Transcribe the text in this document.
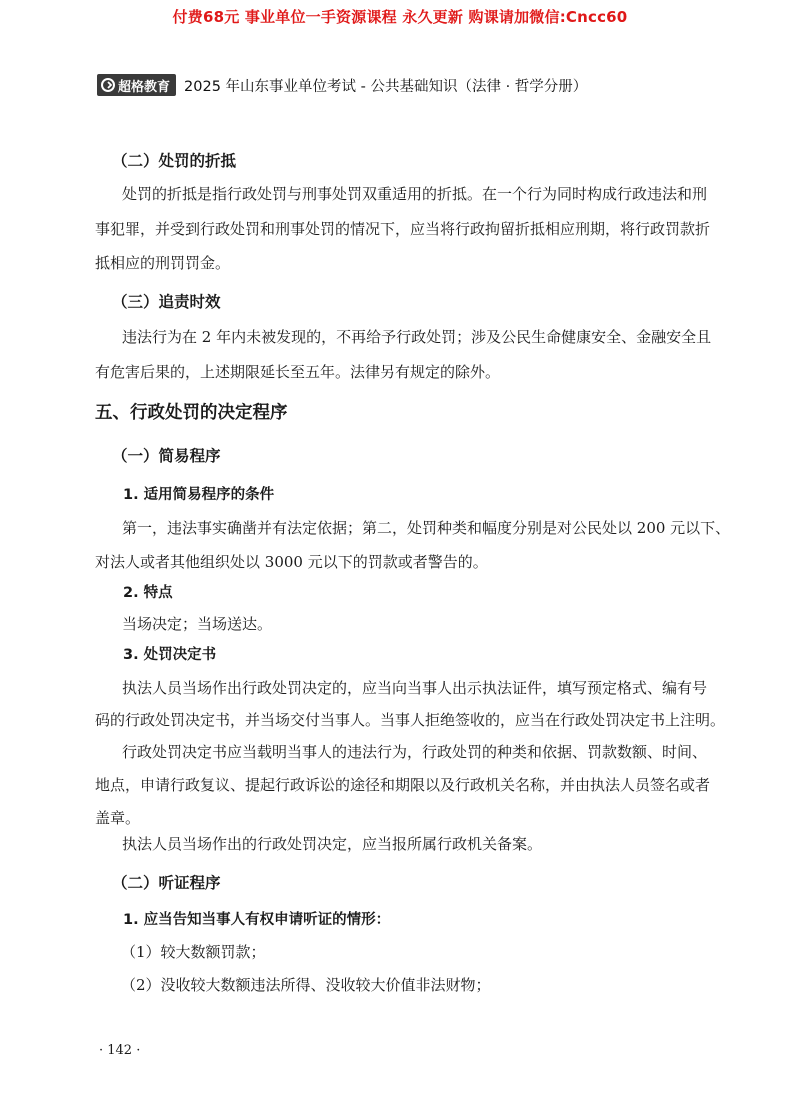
付费68元 事业单位一手资源课程 永久更新 购课请加微信:Cncc60
超格教育 2025 年山东事业单位考试 - 公共基础知识（法律 · 哲学分册）
（二）处罚的折抵
处罚的折抵是指行政处罚与刑事处罚双重适用的折抵。在一个行为同时构成行政违法和刑
事犯罪，并受到行政处罚和刑事处罚的情况下，应当将行政拘留折抵相应刑期，将行政罚款折
抵相应的刑罚罚金。
（三）追责时效
违法行为在 2 年内未被发现的，不再给予行政处罚；涉及公民生命健康安全、金融安全且
有危害后果的，上述期限延长至五年。法律另有规定的除外。
五、行政处罚的决定程序
（一）简易程序
1. 适用简易程序的条件
第一，违法事实确凿并有法定依据；第二，处罚种类和幅度分别是对公民处以 200 元以下、
对法人或者其他组织处以 3000 元以下的罚款或者警告的。
2. 特点
当场决定；当场送达。
3. 处罚决定书
执法人员当场作出行政处罚决定的，应当向当事人出示执法证件，填写预定格式、编有号
码的行政处罚决定书，并当场交付当事人。当事人拒绝签收的，应当在行政处罚决定书上注明。
行政处罚决定书应当载明当事人的违法行为，行政处罚的种类和依据、罚款数额、时间、
地点，申请行政复议、提起行政诉讼的途径和期限以及行政机关名称，并由执法人员签名或者
盖章。
执法人员当场作出的行政处罚决定，应当报所属行政机关备案。
（二）听证程序
1. 应当告知当事人有权申请听证的情形：
（1）较大数额罚款；
（2）没收较大数额违法所得、没收较大价值非法财物；
· 142 ·
